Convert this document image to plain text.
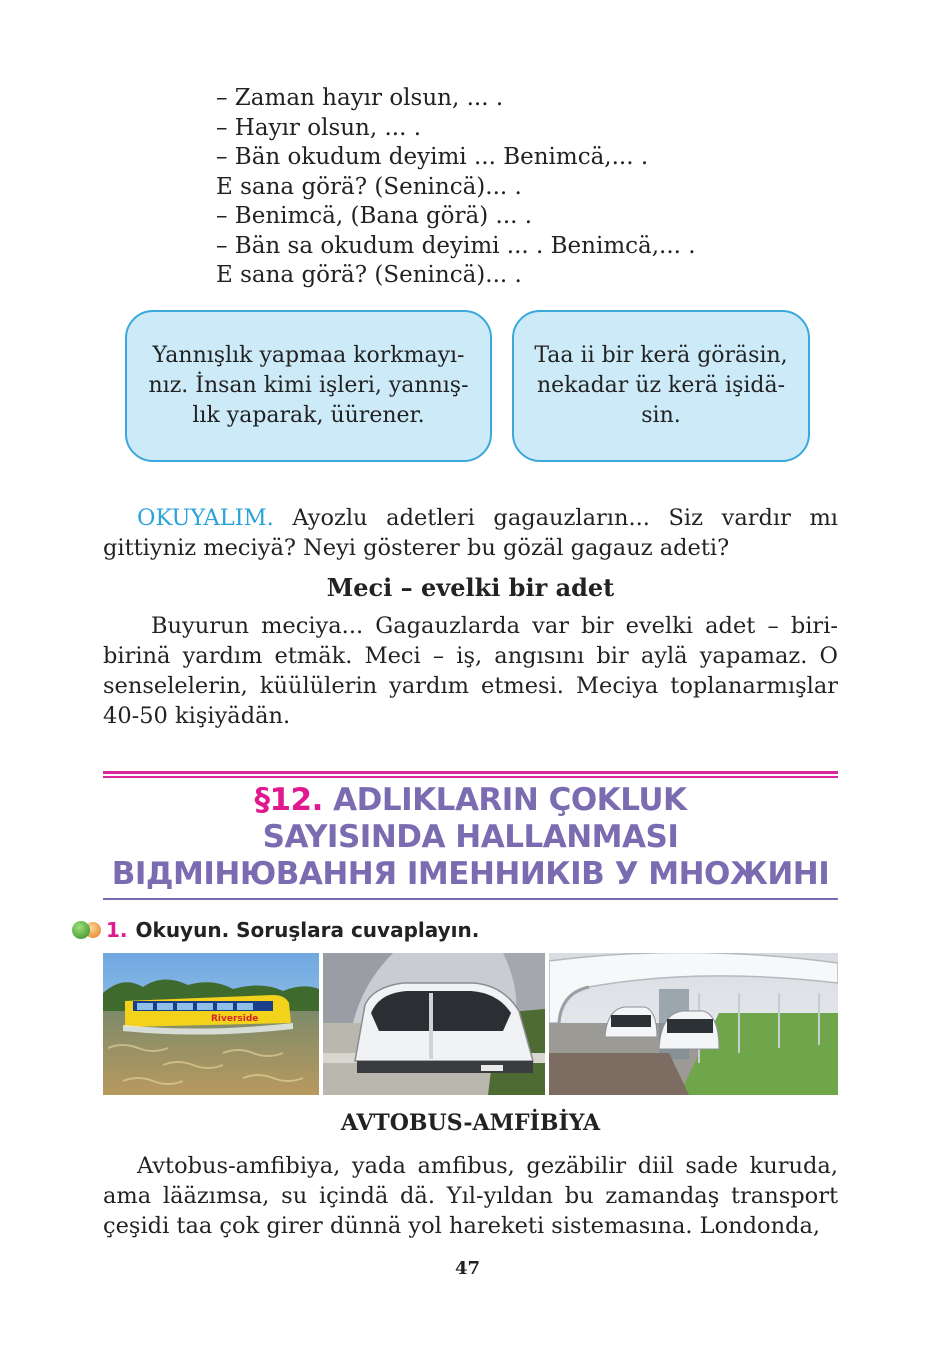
– Zaman hayır olsun, ... .
– Hayır olsun, ... .
– Bän okudum deyimi ... Benimcä,... .
E sana görä? (Senincä)... .
– Benimcä, (Bana görä) ... .
– Bän sa okudum deyimi ... . Benimcä,... .
E sana görä? (Senincä)... .
Yannışlık yapmaa korkmayı-
nız. İnsan kimi işleri, yannış-
lık yaparak, üürener.
Taa ii bir kerä göräsin,
nekadar üz kerä işidä-
sin.
OKUYALIM. Ayozlu adetleri gagauzların... Siz vardır mı gittiyniz meciyä? Neyi gösterer bu gözäl gagauz adeti?
Meci – evelki bir adet
Buyurun meciya... Gagauzlarda var bir evelki adet – biri-birinä yardım etmäk. Meci – iş, angısını bir aylä yapamaz. O senselelerin, küülülerin yardım etmesi. Meciya toplanarmışlar 40-50 kişiyädän.
§12. ADLIKLARIN ÇOKLUK
SAYISINDA HALLANMASI
ВІДМІНЮВАННЯ ІМЕННИКІВ У МНОЖИНІ
1. Okuyun. Soruşlara cuvaplayın.
Riverside
AVTOBUS-AMFİBİYA
Avtobus-amfibiya, yada amfibus, gezäbilir diil sade kuruda, ama lääzımsa, su içindä dä. Yıl-yıldan bu zamandaş transport çeşidi taa çok girer dünnä yol hareketi sistemasına. Londonda,
47
